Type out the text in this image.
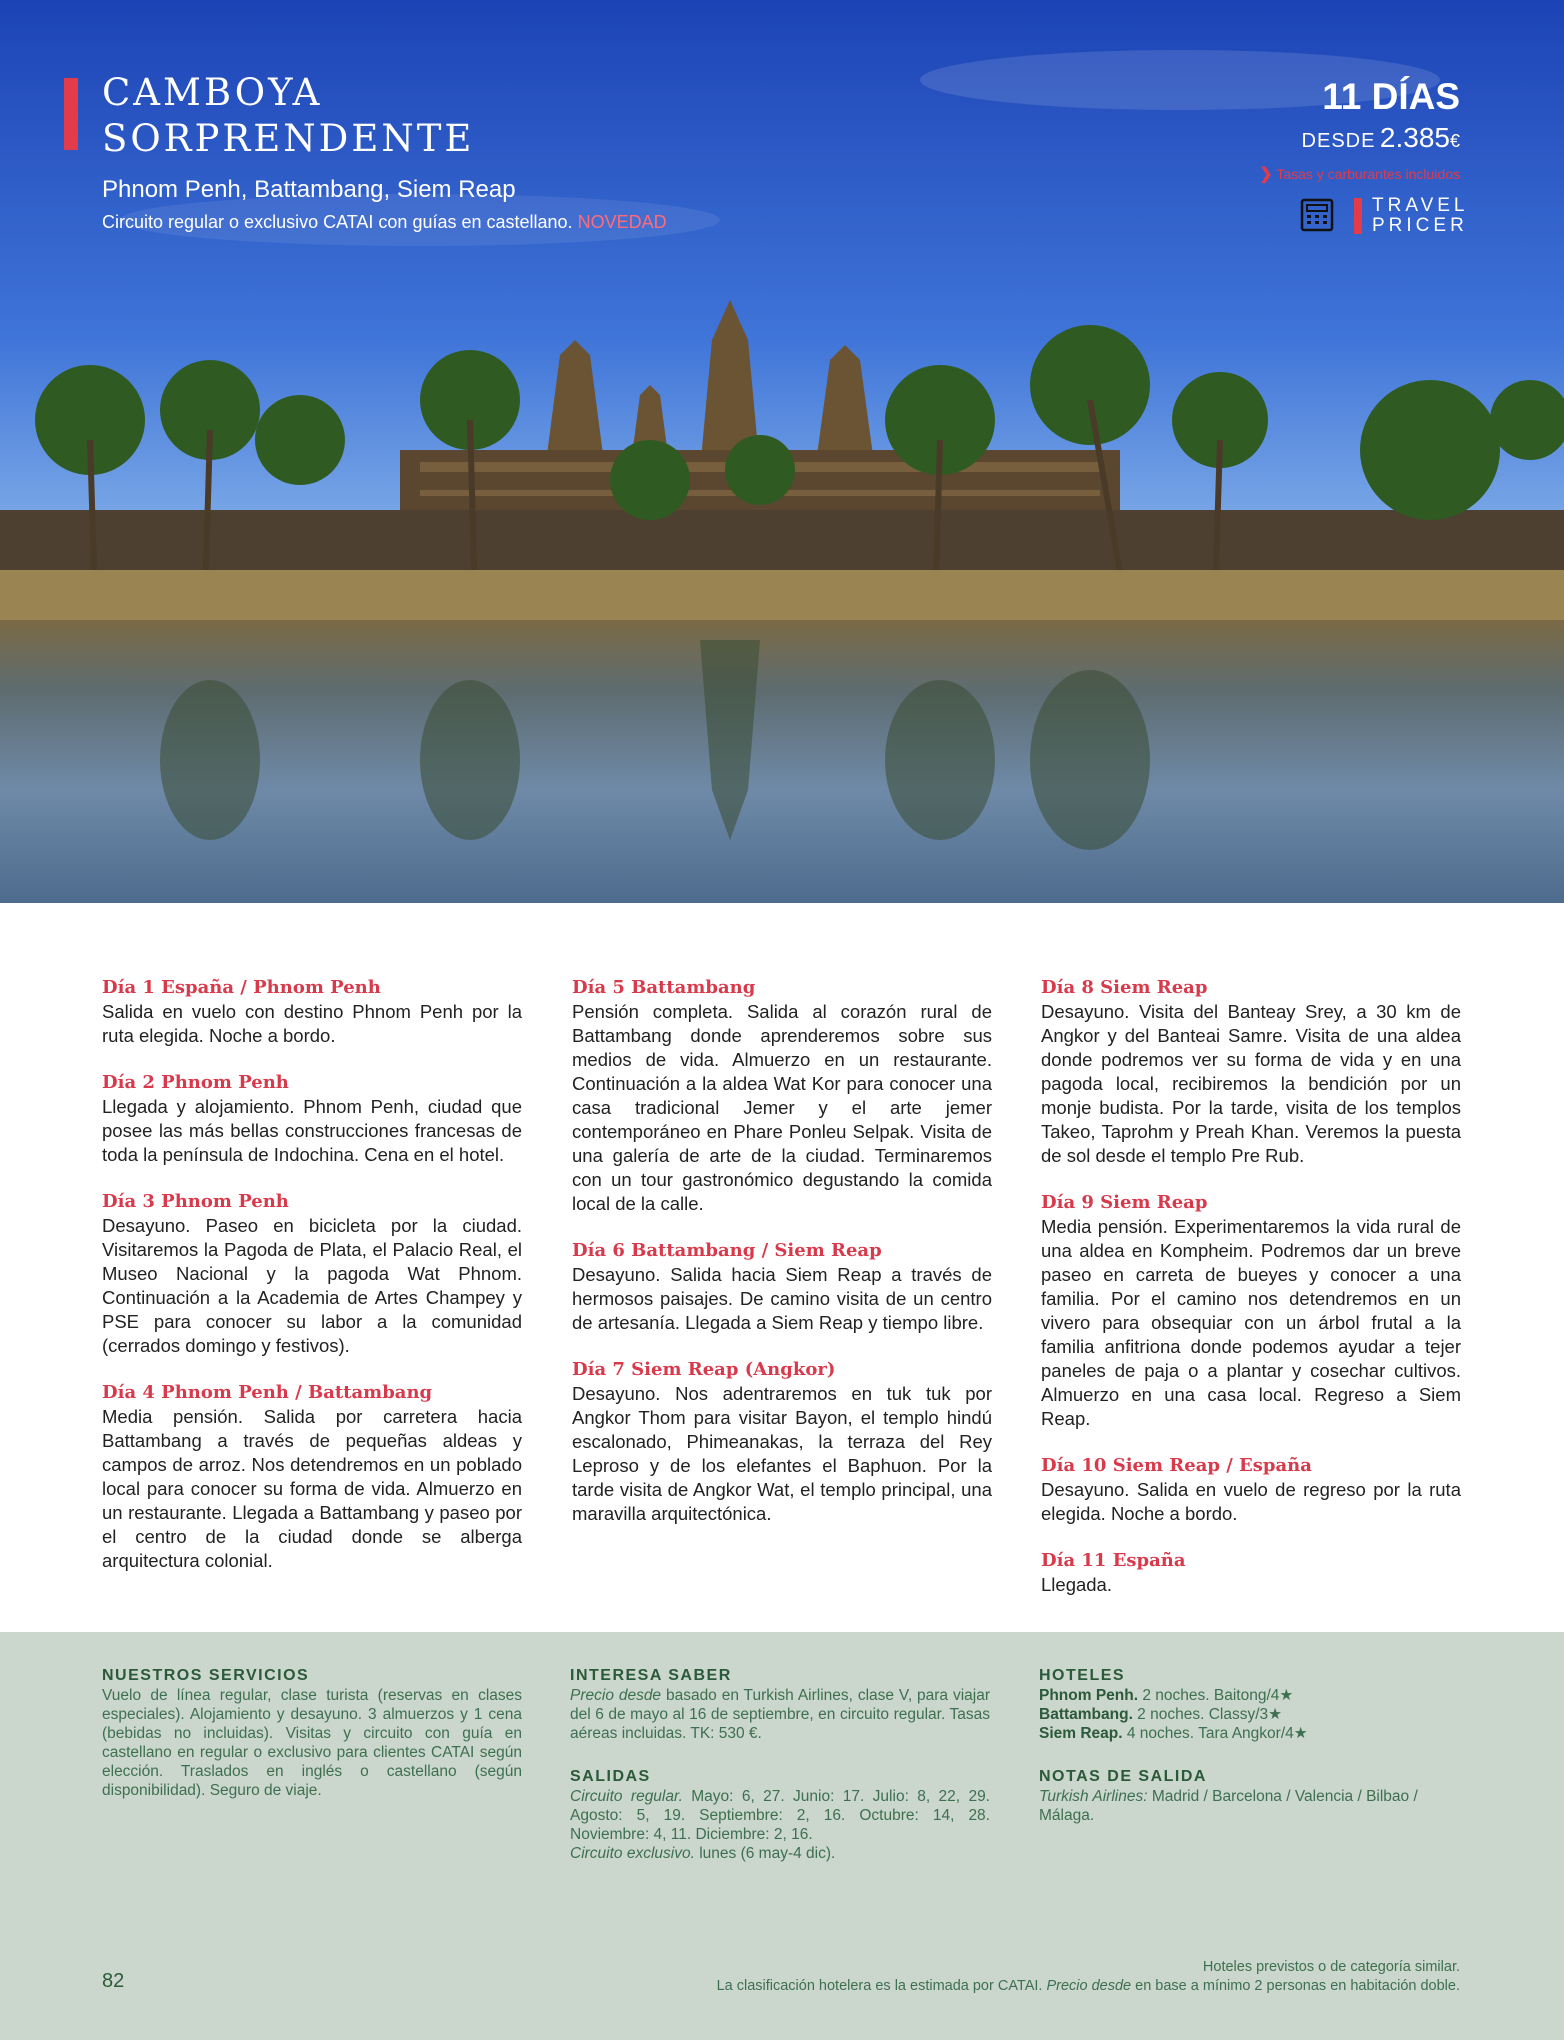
CAMBOYA
SORPRENDENTE
Phnom Penh, Battambang, Siem Reap
Circuito regular o exclusivo CATAI con guías en castellano. NOVEDAD
11 DÍAS
DESDE 2.385€
❯ Tasas y carburantes incluidos
TRAVEL
PRICER
Día 1 España / Phnom Penh

Salida en vuelo con destino Phnom Penh por la ruta elegida. Noche a bordo.

Día 2 Phnom Penh

Llegada y alojamiento. Phnom Penh, ciudad que posee las más bellas construcciones francesas de toda la península de Indochina. Cena en el hotel.

Día 3 Phnom Penh

Desayuno. Paseo en bicicleta por la ciudad. Visitaremos la Pagoda de Plata, el Palacio Real, el Museo Nacional y la pagoda Wat Phnom. Continuación a la Academia de Artes Champey y PSE para conocer su labor a la comunidad (cerrados domingo y festivos).

Día 4 Phnom Penh / Battambang

Media pensión. Salida por carretera hacia Battambang a través de pequeñas aldeas y campos de arroz. Nos detendremos en un poblado local para conocer su forma de vida. Almuerzo en un restaurante. Llegada a Battambang y paseo por el centro de la ciudad donde se alberga arquitectura colonial.

Día 5 Battambang

Pensión completa. Salida al corazón rural de Battambang donde aprenderemos sobre sus medios de vida. Almuerzo en un restaurante. Continuación a la aldea Wat Kor para conocer una casa tradicional Jemer y el arte jemer contemporáneo en Phare Ponleu Selpak. Visita de una galería de arte de la ciudad. Terminaremos con un tour gastronómico degustando la comida local de la calle.

Día 6 Battambang / Siem Reap

Desayuno. Salida hacia Siem Reap a través de hermosos paisajes. De camino visita de un centro de artesanía. Llegada a Siem Reap y tiempo libre.

Día 7 Siem Reap (Angkor)

Desayuno. Nos adentraremos en tuk tuk por Angkor Thom para visitar Bayon, el templo hindú escalonado, Phimeanakas, la terraza del Rey Leproso y de los elefantes el Baphuon. Por la tarde visita de Angkor Wat, el templo principal, una maravilla arquitectónica.

Día 8 Siem Reap

Desayuno. Visita del Banteay Srey, a 30 km de Angkor y del Banteai Samre. Visita de una aldea donde podremos ver su forma de vida y en una pagoda local, recibiremos la bendición por un monje budista. Por la tarde, visita de los templos Takeo, Taprohm y Preah Khan. Veremos la puesta de sol desde el templo Pre Rub.

Día 9 Siem Reap

Media pensión. Experimentaremos la vida rural de una aldea en Kompheim. Podremos dar un breve paseo en carreta de bueyes y conocer a una familia. Por el camino nos detendremos en un vivero para obsequiar con un árbol frutal a la familia anfitriona donde podemos ayudar a tejer paneles de paja o a plantar y cosechar cultivos. Almuerzo en una casa local. Regreso a Siem Reap.

Día 10 Siem Reap / España

Desayuno. Salida en vuelo de regreso por la ruta elegida. Noche a bordo.

Día 11 España

Llegada.

NUESTROS SERVICIOS

Vuelo de línea regular, clase turista (reservas en clases especiales). Alojamiento y desayuno. 3 almuerzos y 1 cena (bebidas no incluidas). Visitas y circuito con guía en castellano en regular o exclusivo para clientes CATAI según elección. Traslados en inglés o castellano (según disponibilidad). Seguro de viaje.

INTERESA SABER

Precio desde basado en Turkish Airlines, clase V, para viajar del 6 de mayo al 16 de septiembre, en circuito regular. Tasas aéreas incluidas. TK: 530 €.

SALIDAS

Circuito regular. Mayo: 6, 27. Junio: 17. Julio: 8, 22, 29. Agosto: 5, 19. Septiembre: 2, 16. Octubre: 14, 28. Noviembre: 4, 11. Diciembre: 2, 16.
Circuito exclusivo. lunes (6 may-4 dic).

HOTELES
Phnom Penh. 2 noches. Baitong/4★
Battambang. 2 noches. Classy/3★
Siem Reap. 4 noches. Tara Angkor/4★
NOTAS DE SALIDA

Turkish Airlines: Madrid / Barcelona / Valencia / Bilbao / Málaga.

82
Hoteles previstos o de categoría similar.
La clasificación hotelera es la estimada por CATAI. Precio desde en base a mínimo 2 personas en habitación doble.
